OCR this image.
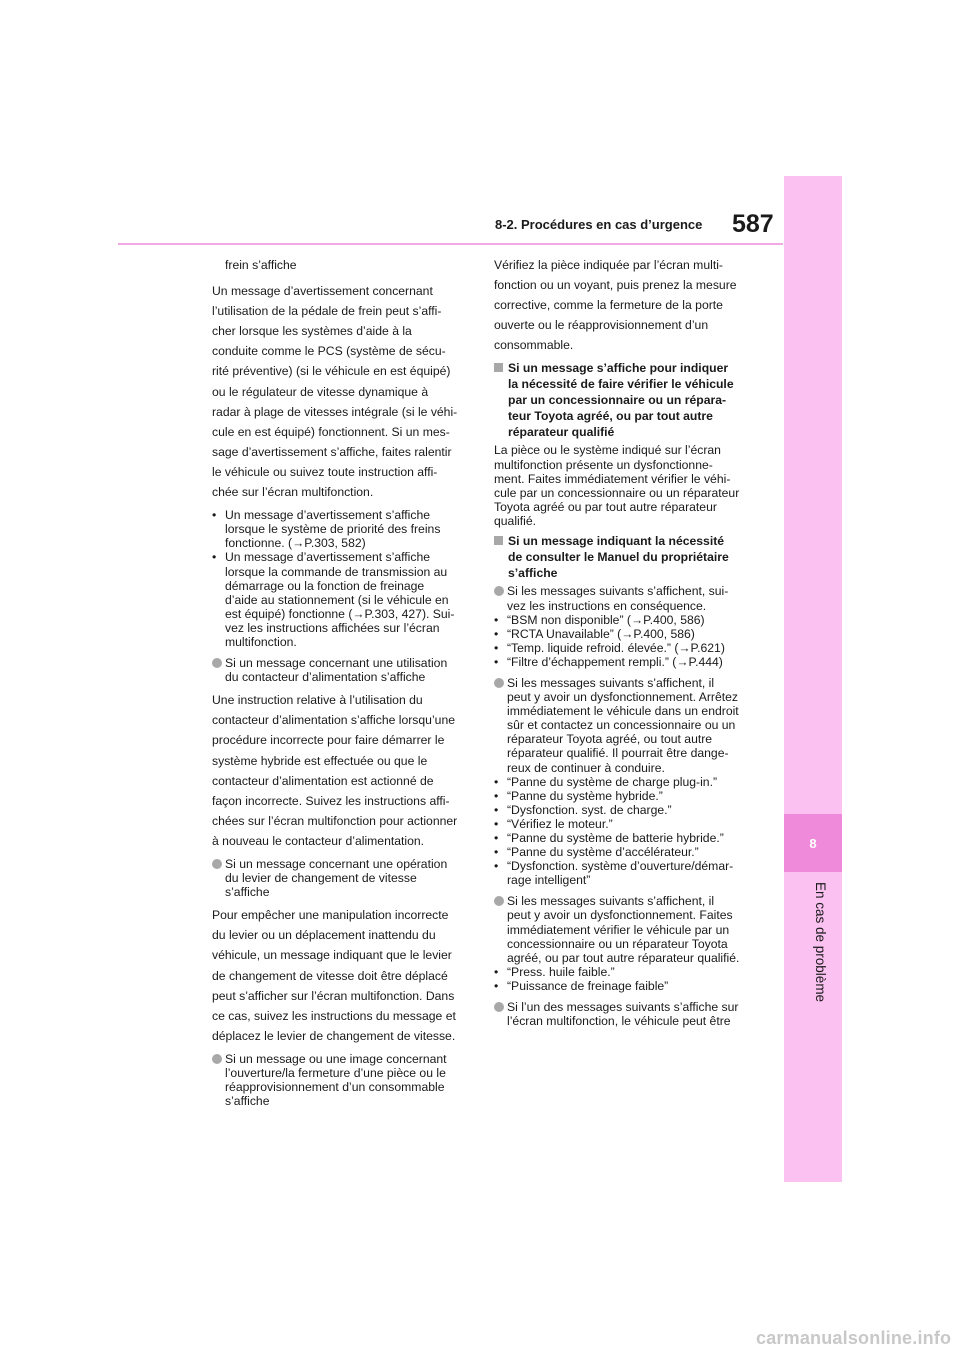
8-2. Procédures en cas d’urgence 587
8
En cas de problème
frein s’affiche
Un message d’avertissement concernant
l’utilisation de la pédale de frein peut s’affi-
cher lorsque les systèmes d’aide à la
conduite comme le PCS (système de sécu-
rité préventive) (si le véhicule en est équipé)
ou le régulateur de vitesse dynamique à
radar à plage de vitesses intégrale (si le véhi-
cule en est équipé) fonctionnent. Si un mes-
sage d’avertissement s’affiche, faites ralentir
le véhicule ou suivez toute instruction affi-
chée sur l’écran multifonction.
• Un message d’avertissement s’affiche
lorsque le système de priorité des freins
fonctionne. (→P.303, 582)
• Un message d’avertissement s’affiche
lorsque la commande de transmission au
démarrage ou la fonction de freinage
d’aide au stationnement (si le véhicule en
est équipé) fonctionne (→P.303, 427). Sui-
vez les instructions affichées sur l’écran
multifonction.
Si un message concernant une utilisation
du contacteur d’alimentation s’affiche
Une instruction relative à l’utilisation du
contacteur d’alimentation s’affiche lorsqu’une
procédure incorrecte pour faire démarrer le
système hybride est effectuée ou que le
contacteur d’alimentation est actionné de
façon incorrecte. Suivez les instructions affi-
chées sur l’écran multifonction pour actionner
à nouveau le contacteur d’alimentation.
Si un message concernant une opération
du levier de changement de vitesse
s’affiche
Pour empêcher une manipulation incorrecte
du levier ou un déplacement inattendu du
véhicule, un message indiquant que le levier
de changement de vitesse doit être déplacé
peut s’afficher sur l’écran multifonction. Dans
ce cas, suivez les instructions du message et
déplacez le levier de changement de vitesse.
Si un message ou une image concernant
l’ouverture/la fermeture d’une pièce ou le
réapprovisionnement d’un consommable
s’affiche
Vérifiez la pièce indiquée par l’écran multi-
fonction ou un voyant, puis prenez la mesure
corrective, comme la fermeture de la porte
ouverte ou le réapprovisionnement d’un
consommable.
Si un message s’affiche pour indiquer
la nécessité de faire vérifier le véhicule
par un concessionnaire ou un répara-
teur Toyota agréé, ou par tout autre
réparateur qualifié
La pièce ou le système indiqué sur l’écran
multifonction présente un dysfonctionne-
ment. Faites immédiatement vérifier le véhi-
cule par un concessionnaire ou un réparateur
Toyota agréé ou par tout autre réparateur
qualifié.
Si un message indiquant la nécessité
de consulter le Manuel du propriétaire
s’affiche
Si les messages suivants s’affichent, sui-
vez les instructions en conséquence.
• “BSM non disponible” (→P.400, 586)
• “RCTA Unavailable” (→P.400, 586)
• “Temp. liquide refroid. élevée.” (→P.621)
• “Filtre d’échappement rempli.” (→P.444)
Si les messages suivants s’affichent, il
peut y avoir un dysfonctionnement. Arrêtez
immédiatement le véhicule dans un endroit
sûr et contactez un concessionnaire ou un
réparateur Toyota agréé, ou tout autre
réparateur qualifié. Il pourrait être dange-
reux de continuer à conduire.
• “Panne du système de charge plug-in.”
• “Panne du système hybride.”
• “Dysfonction. syst. de charge.”
• “Vérifiez le moteur.”
• “Panne du système de batterie hybride.”
• “Panne du système d’accélérateur.”
• “Dysfonction. système d’ouverture/démar-
rage intelligent”
Si les messages suivants s’affichent, il
peut y avoir un dysfonctionnement. Faites
immédiatement vérifier le véhicule par un
concessionnaire ou un réparateur Toyota
agréé, ou par tout autre réparateur qualifié.
• “Press. huile faible.”
• “Puissance de freinage faible”
Si l’un des messages suivants s’affiche sur
l’écran multifonction, le véhicule peut être
carmanualsonline.info
